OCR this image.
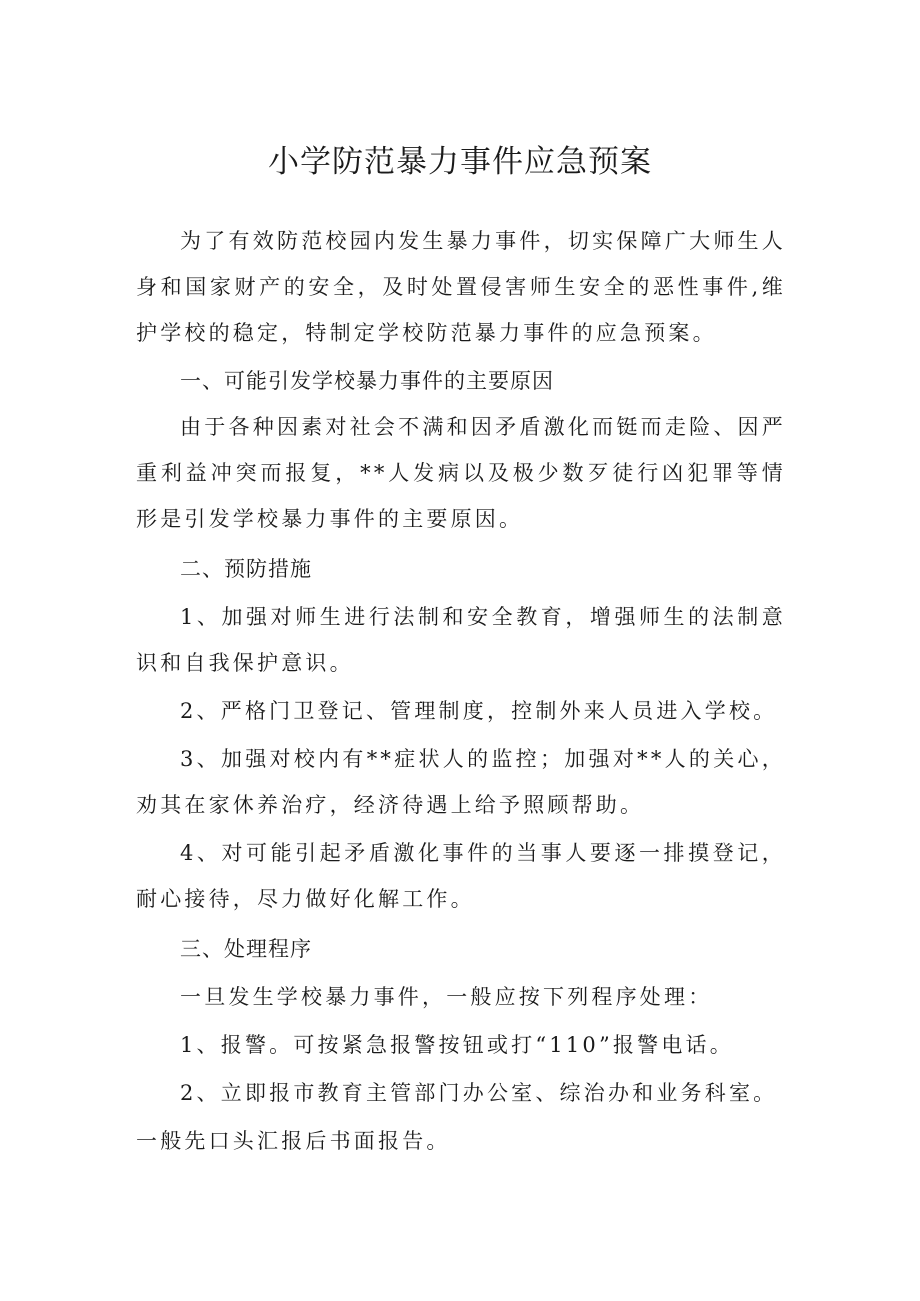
小学防范暴力事件应急预案

为了有效防范校园内发生暴力事件，切实保障广大师生人身和国家财产的安全，及时处置侵害师生安全的恶性事件,维护学校的稳定，特制定学校防范暴力事件的应急预案。

一、可能引发学校暴力事件的主要原因

由于各种因素对社会不满和因矛盾激化而铤而走险、因严重利益冲突而报复，**人发病以及极少数歹徒行凶犯罪等情形是引发学校暴力事件的主要原因。

二、预防措施

1、加强对师生进行法制和安全教育，增强师生的法制意识和自我保护意识。

2、严格门卫登记、管理制度，控制外来人员进入学校。

3、加强对校内有**症状人的监控；加强对**人的关心，劝其在家休养治疗，经济待遇上给予照顾帮助。

4、对可能引起矛盾激化事件的当事人要逐一排摸登记，耐心接待，尽力做好化解工作。

三、处理程序

一旦发生学校暴力事件，一般应按下列程序处理：

1、报警。可按紧急报警按钮或打“110”报警电话。

2、立即报市教育主管部门办公室、综治办和业务科室。

一般先口头汇报后书面报告。
